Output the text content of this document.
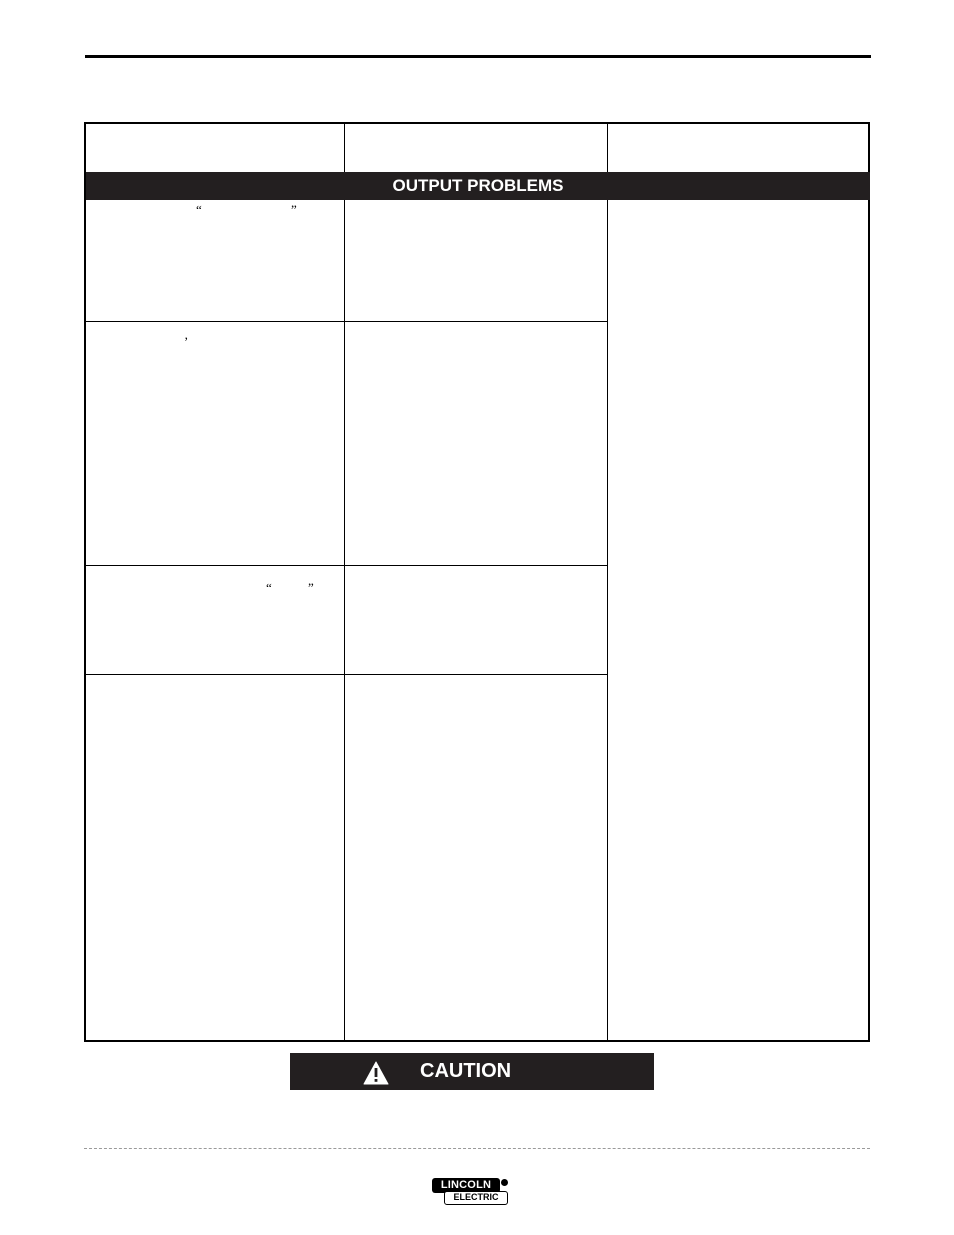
OUTPUT PROBLEMS
“	”
’
“	”
CAUTION
LINCOLN
ELECTRIC
